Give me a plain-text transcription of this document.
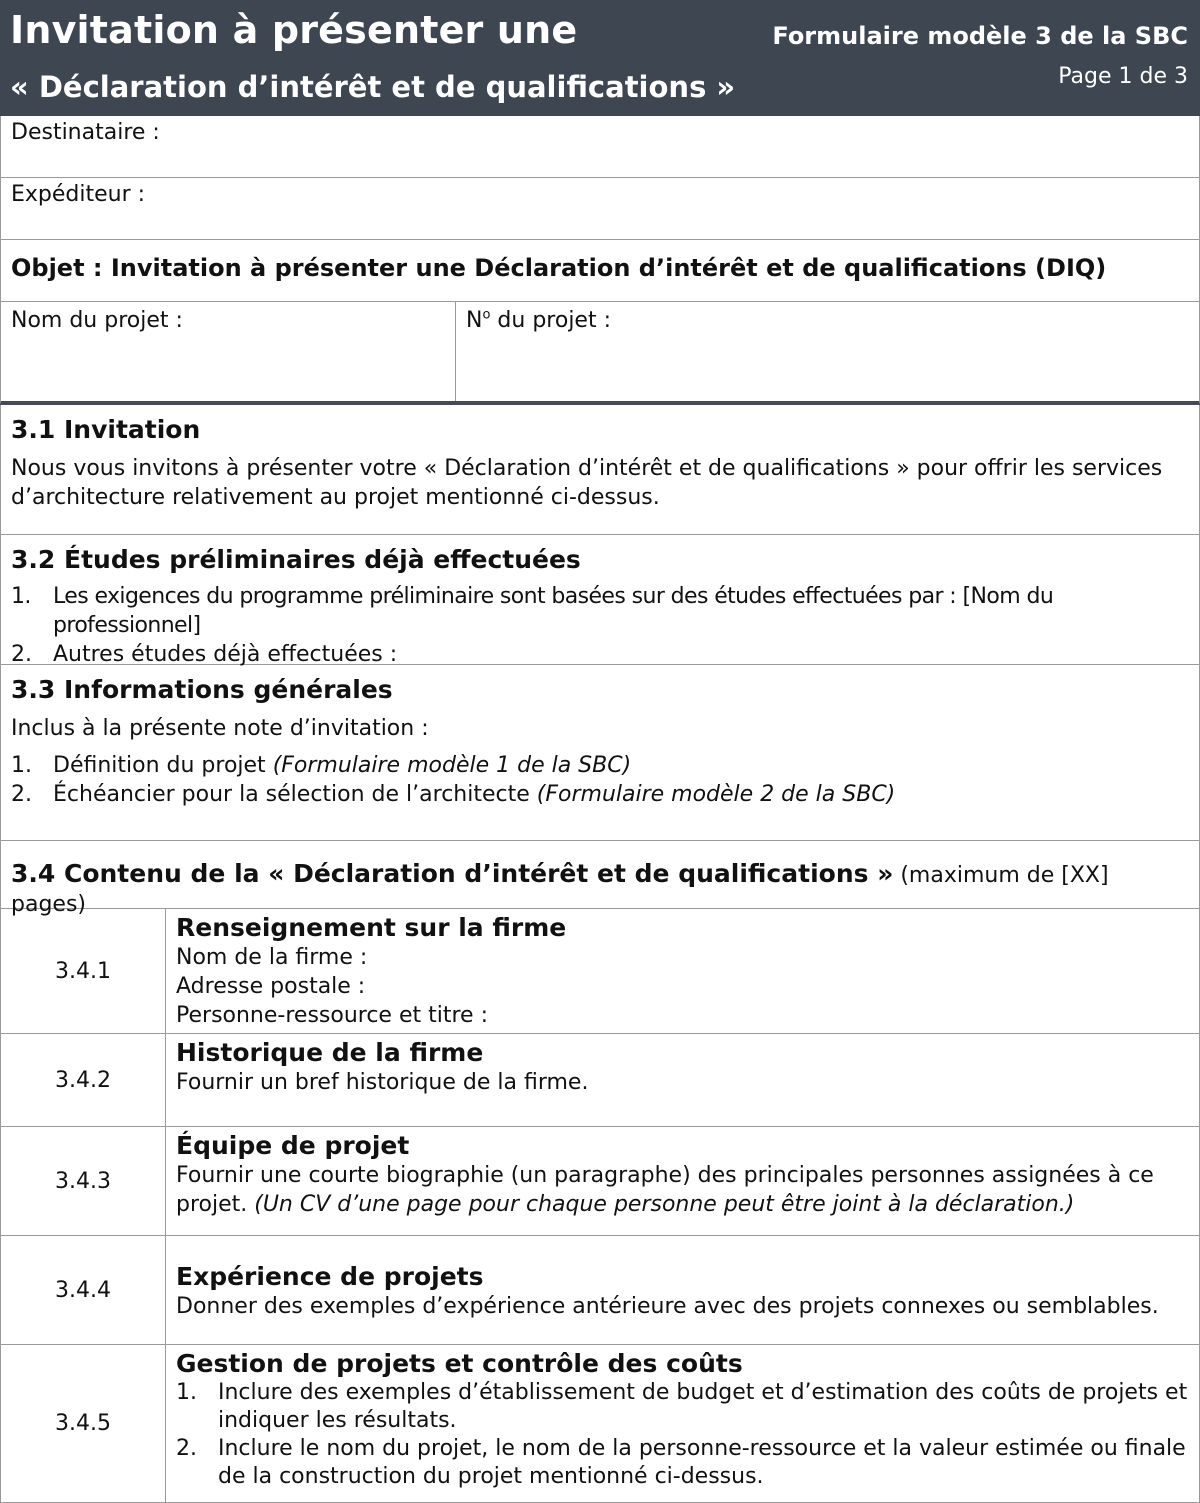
Invitation à présenter une
« Déclaration d’intérêt et de qualifications »
Formulaire modèle 3 de la SBC
Page 1 de 3
Destinataire :
Expéditeur :
Objet : Invitation à présenter une Déclaration d’intérêt et de qualifications (DIQ)
Nom du projet :	$N^o$ du projet :
3.1 Invitation

Nous vous invitons à présenter votre « Déclaration d’intérêt et de qualifications » pour offrir les services d’architecture relativement au projet mentionné ci-dessus.

3.2 Études préliminaires déjà effectuées
1.	Les exigences du programme préliminaire sont basées sur des études effectuées par : [Nom du professionnel]
2. Autres études déjà effectuées :
3.3 Informations générales

Inclus à la présente note d’invitation :

1. Définition du projet (Formulaire modèle 1 de la SBC)
2. Échéancier pour la sélection de l’architecte (Formulaire modèle 2 de la SBC)
3.4 Contenu de la « Déclaration d’intérêt et de qualifications » (maximum de [XX] pages)
3.4.1
Renseignement sur la firme
Nom de la firme :
Adresse postale :
Personne-ressource et titre :
3.4.2
Historique de la firme
Fournir un bref historique de la firme.
3.4.3
Équipe de projet
Fournir une courte biographie (un paragraphe) des principales personnes assignées à ce projet. (Un CV d’une page pour chaque personne peut être joint à la déclaration.)
3.4.4	Expérience de projets
Donner des exemples d’expérience antérieure avec des projets connexes ou semblables.
3.4.5
Gestion de projets et contrôle des coûts
1. Inclure des exemples d’établissement de budget et d’estimation des coûts de projets et indiquer les résultats.
2. Inclure le nom du projet, le nom de la personne-ressource et la valeur estimée ou finale de la construction du projet mentionné ci-dessus.
